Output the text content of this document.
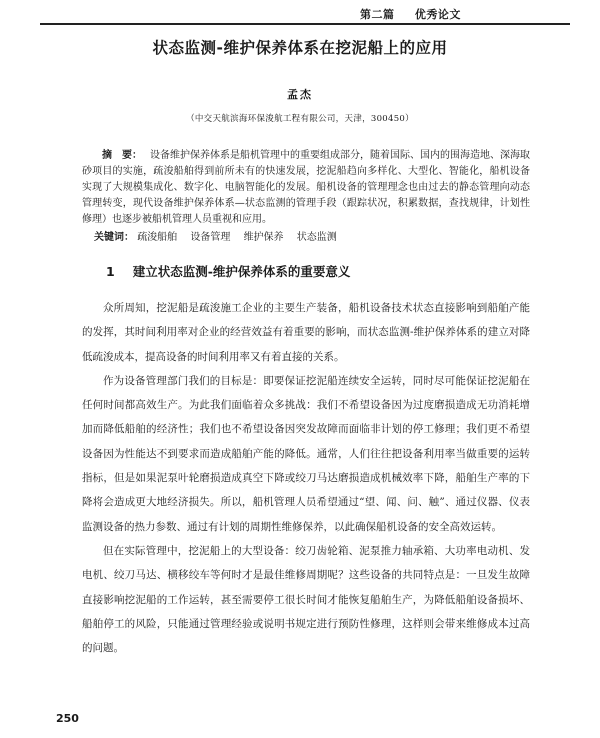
第二篇 优秀论文
状态监测-维护保养体系在挖泥船上的应用
孟杰
（中交天航滨海环保浚航工程有限公司，天津，300450）
摘　要： 设备维护保养体系是船机管理中的重要组成部分，随着国际、国内的围海造地、深海取砂项目的实施，疏浚船舶得到前所未有的快速发展，挖泥船趋向多样化、大型化、智能化，船机设备实现了大规模集成化、数字化、电脑智能化的发展。船机设备的管理理念也由过去的静态管理向动态管理转变，现代设备维护保养体系—状态监测的管理手段（跟踪状况，积累数据，查找规律，计划性修理）也逐步被船机管理人员重视和应用。
关键词： 疏浚船舶 设备管理 维护保养 状态监测
1 建立状态监测-维护保养体系的重要意义

众所周知，挖泥船是疏浚施工企业的主要生产装备，船机设备技术状态直接影响到船舶产能的发挥，其时间利用率对企业的经营效益有着重要的影响，而状态监测-维护保养体系的建立对降低疏浚成本，提高设备的时间利用率又有着直接的关系。

作为设备管理部门我们的目标是：即要保证挖泥船连续安全运转，同时尽可能保证挖泥船在任何时间都高效生产。为此我们面临着众多挑战：我们不希望设备因为过度磨损造成无功消耗增加而降低船舶的经济性；我们也不希望设备因突发故障而面临非计划的停工修理；我们更不希望设备因为性能达不到要求而造成船舶产能的降低。通常，人们往往把设备利用率当做重要的运转指标，但是如果泥泵叶轮磨损造成真空下降或绞刀马达磨损造成机械效率下降，船舶生产率的下降将会造成更大地经济损失。所以，船机管理人员希望通过“望、闻、问、触”、通过仪器、仪表监测设备的热力参数、通过有计划的周期性维修保养，以此确保船机设备的安全高效运转。

但在实际管理中，挖泥船上的大型设备：绞刀齿轮箱、泥泵推力轴承箱、大功率电动机、发电机、绞刀马达、横移绞车等何时才是最佳维修周期呢？这些设备的共同特点是：一旦发生故障直接影响挖泥船的工作运转，甚至需要停工很长时间才能恢复船舶生产，为降低船舶设备损坏、船舶停工的风险，只能通过管理经验或说明书规定进行预防性修理，这样则会带来维修成本过高的问题。

250
